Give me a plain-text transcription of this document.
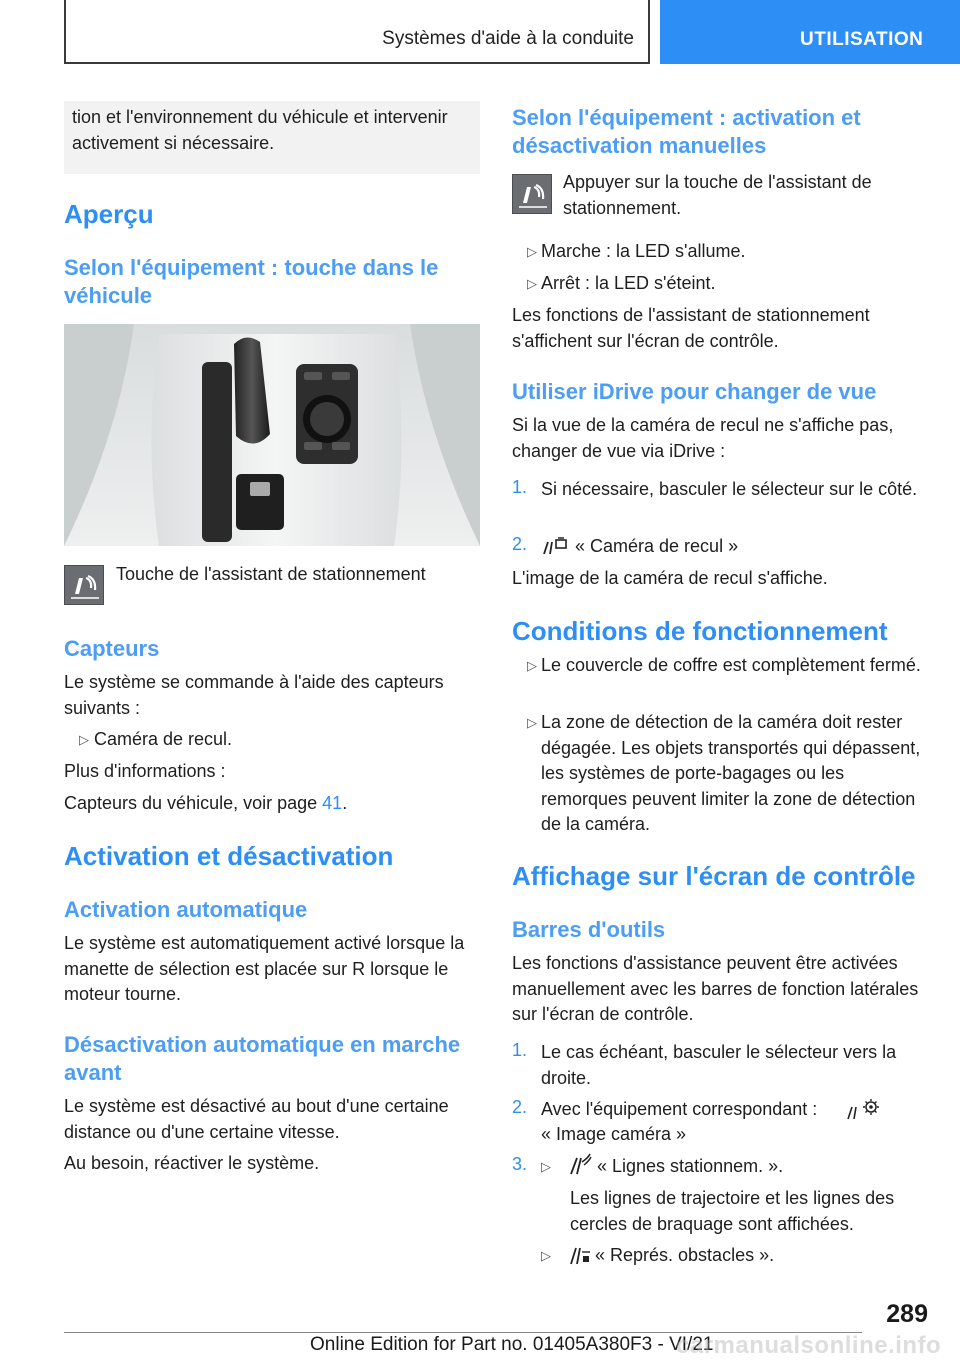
Systèmes d'aide à la conduite	UTILISATION
tion et l'environnement du véhicule et intervenir activement si nécessaire.
Aperçu
Selon l'équipement : touche dans le véhicule
Touche de l'assistant de stationnement
Capteurs
Le système se commande à l'aide des capteurs suivants :
▷ Caméra de recul.
Plus d'informations :
Capteurs du véhicule, voir page 41.
Activation et désactivation
Activation automatique
Le système est automatiquement activé lorsque la manette de sélection est placée sur R lorsque le moteur tourne.
Désactivation automatique en marche avant
Le système est désactivé au bout d'une certaine distance ou d'une certaine vitesse.
Au besoin, réactiver le système.
Selon l'équipement : activation et désactivation manuelles
Appuyer sur la touche de l'assistant de stationnement.
▷ Marche : la LED s'allume.
▷ Arrêt : la LED s'éteint.
Les fonctions de l'assistant de stationnement s'affichent sur l'écran de contrôle.
Utiliser iDrive pour changer de vue
Si la vue de la caméra de recul ne s'affiche pas, changer de vue via iDrive :
1. Si nécessaire, basculer le sélecteur sur le côté.
2.	« Caméra de recul »
L'image de la caméra de recul s'affiche.
Conditions de fonctionnement
▷ Le couvercle de coffre est complètement fermé.
▷ La zone de détection de la caméra doit rester dégagée. Les objets transportés qui dépassent, les systèmes de porte-bagages ou les remorques peuvent limiter la zone de détection de la caméra.
Affichage sur l'écran de contrôle
Barres d'outils
Les fonctions d'assistance peuvent être activées manuellement avec les barres de fonction latérales sur l'écran de contrôle.
1. Le cas échéant, basculer le sélecteur vers la droite.
2. Avec l'équipement correspondant :
« Image caméra »
3. ▷	« Lignes stationnem. ».
Les lignes de trajectoire et les lignes des cercles de braquage sont affichées.
▷ « Représ. obstacles ».
289
Online Edition for Part no. 01405A380F3 - VI/21
carmanualsonline.info
